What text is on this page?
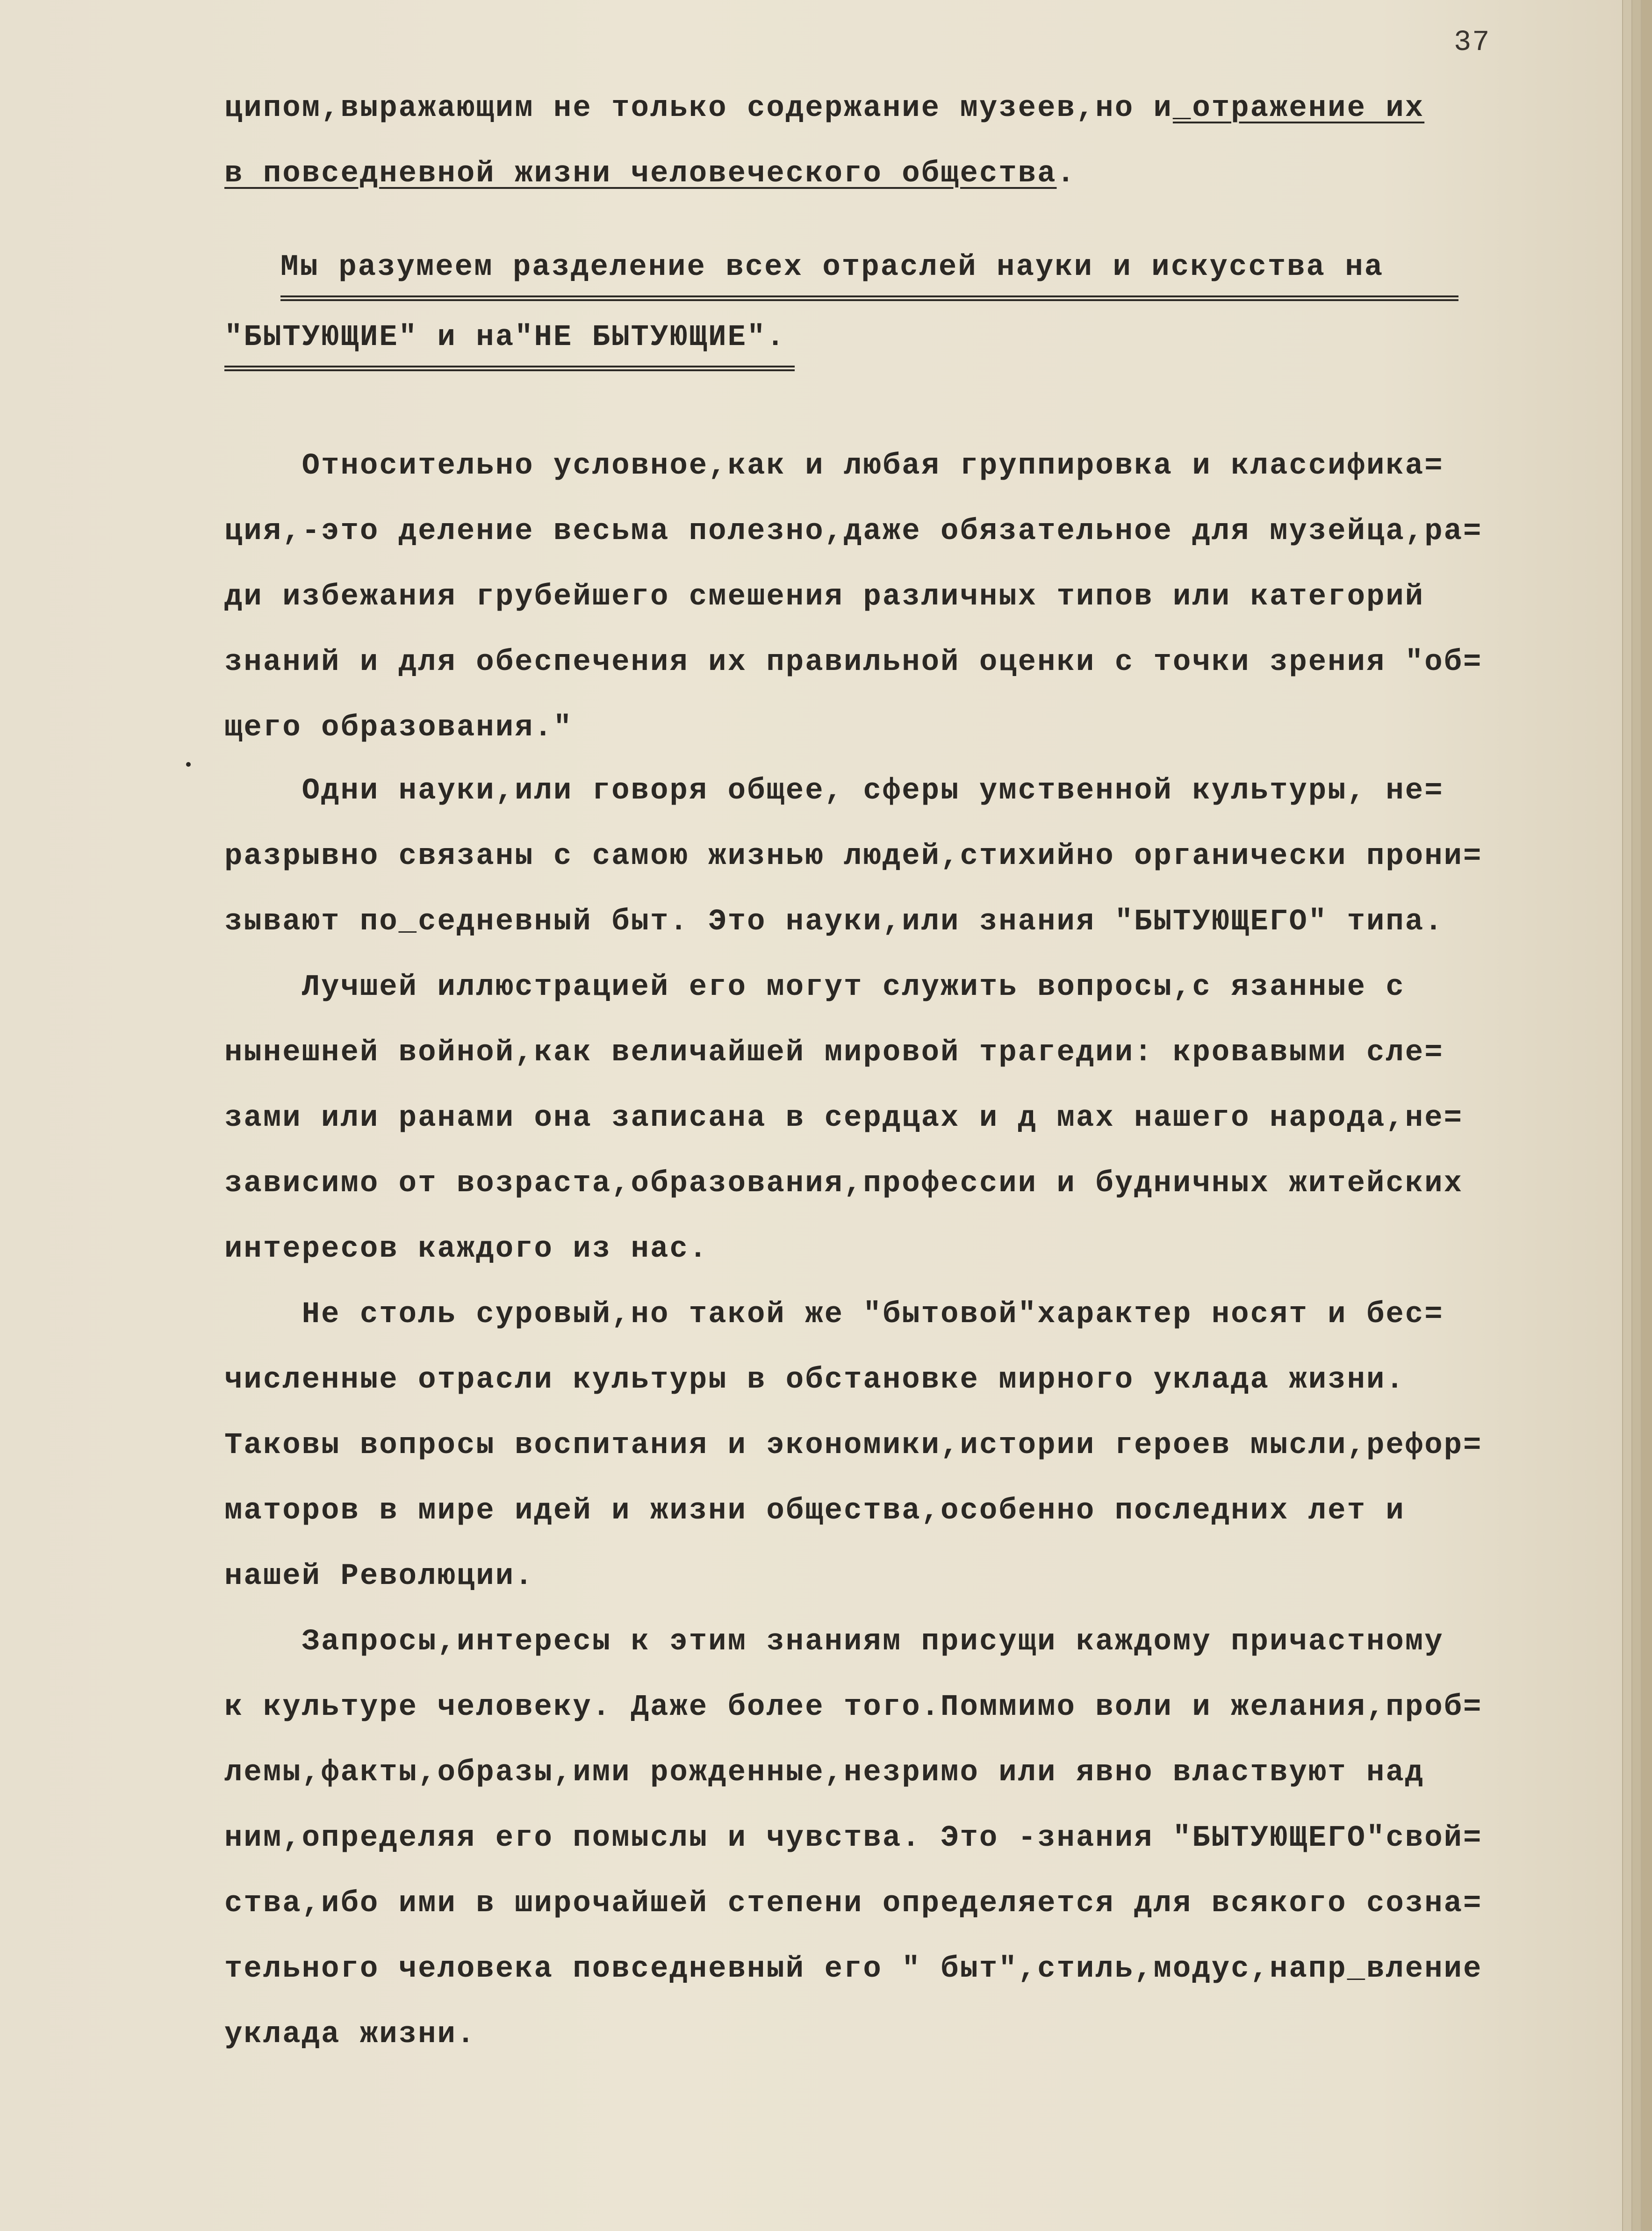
37
ципом,выражающим не только содержание музеев,но и_отражение их
в повседневной жизни человеческого общества.
Мы разумеем разделение всех отраслей науки и искусства на
"БЫТУЮЩИЕ" и на"НЕ БЫТУЮЩИЕ".
Относительно условное,как и любая группировка и классифика=
ция,-это деление весьма полезно,даже обязательное для музейца,ра=
ди избежания грубейшего смешения различных типов или категорий
знаний и для обеспечения их правильной оценки с точки зрения "об=
щего образования."
Одни науки,или говоря общее, сферы умственной культуры, не=
разрывно связаны с самою жизнью людей,стихийно органически прони=
зывают по_седневный быт. Это науки,или знания "БЫТУЮЩЕГО" типа.
Лучшей иллюстрацией его могут служить вопросы,с язанные с
нынешней войной,как величайшей мировой трагедии: кровавыми сле=
зами или ранами она записана в сердцах и д мах нашего народа,не=
зависимо от возраста,образования,профессии и будничных житейских
интересов каждого из нас.
Не столь суровый,но такой же "бытовой"характер носят и бес=
численные отрасли культуры в обстановке мирного уклада жизни.
Таковы вопросы воспитания и экономики,истории героев мысли,рефор=
маторов в мире идей и жизни общества,особенно последних лет и
нашей Революции.
Запросы,интересы к этим знаниям присущи каждому причастному
к культуре человеку. Даже более того.Поммимо воли и желания,проб=
лемы,факты,образы,ими рожденные,незримо или явно властвуют над
ним,определяя его помыслы и чувства. Это -знания "БЫТУЮЩЕГО"свой=
ства,ибо ими в широчайшей степени определяется для всякого созна=
тельного человека повседневный его " быт",стиль,модус,напр_вление
уклада жизни.
